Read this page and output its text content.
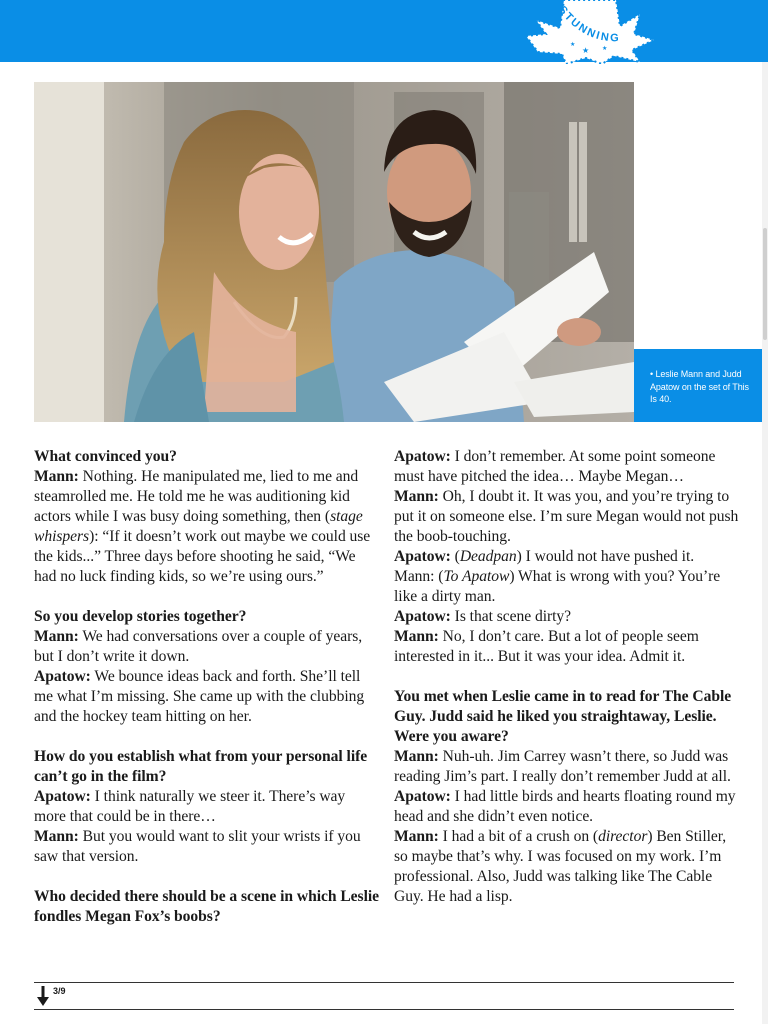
STUNNING
★
★
★
• Leslie Mann and Judd Apatow on the set of This Is 40.
What convinced you?
Mann: Nothing. He manipulated me, lied to me and steamrolled me. He told me he was auditioning kid actors while I was busy doing something, then (stage whispers): “If it doesn’t work out maybe we could use the kids...” Three days before shooting he said, “We had no luck finding kids, so we’re using ours.”
So you develop stories together?
Mann: We had conversations over a couple of years, but I don’t write it down.
Apatow: We bounce ideas back and forth. She’ll tell me what I’m missing. She came up with the clubbing and the hockey team hitting on her.
How do you establish what from your personal life can’t go in the film?
Apatow: I think naturally we steer it. There’s way more that could be in there…
Mann: But you would want to slit your wrists if you saw that version.
Who decided there should be a scene in which Leslie fondles Megan Fox’s boobs?
Apatow: I don’t remember. At some point someone must have pitched the idea… Maybe Megan…
Mann: Oh, I doubt it. It was you, and you’re trying to put it on someone else. I’m sure Megan would not push the boob-touching.
Apatow: (Deadpan) I would not have pushed it.
Mann: (To Apatow) What is wrong with you? You’re like a dirty man.
Apatow: Is that scene dirty?
Mann: No, I don’t care. But a lot of people seem interested in it... But it was your idea. Admit it.
You met when Leslie came in to read for The Cable Guy. Judd said he liked you straightaway, Leslie. Were you aware?
Mann: Nuh-uh. Jim Carrey wasn’t there, so Judd was reading Jim’s part. I really don’t remember Judd at all.
Apatow: I had little birds and hearts floating round my head and she didn’t even notice.
Mann: I had a bit of a crush on (director) Ben Stiller, so maybe that’s why. I was focused on my work. I’m professional. Also, Judd was talking like The Cable Guy. He had a lisp.
3/9
